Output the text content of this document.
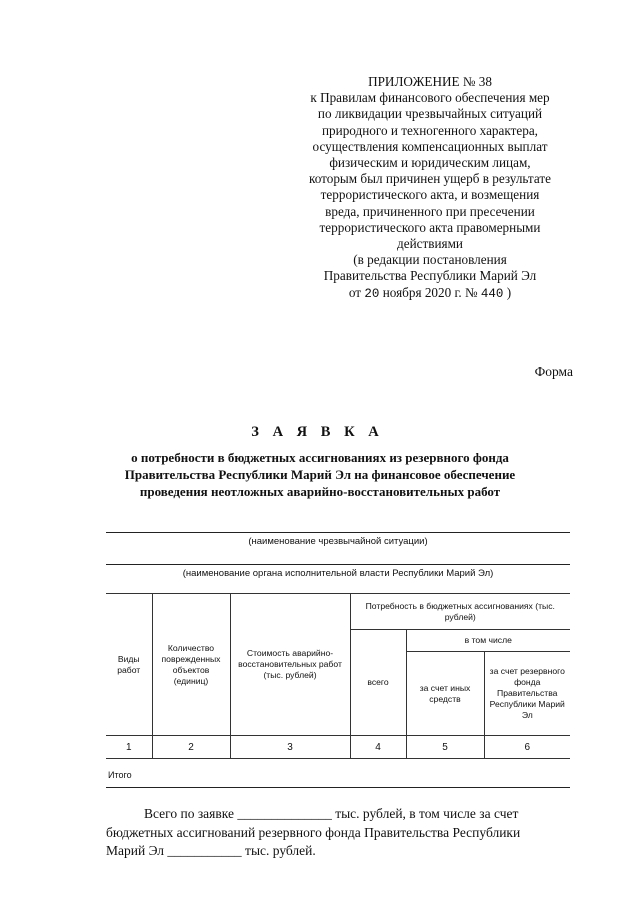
ПРИЛОЖЕНИЕ № 38
к Правилам финансового обеспечения мер
по ликвидации чрезвычайных ситуаций
природного и техногенного характера,
осуществления компенсационных выплат
физическим и юридическим лицам,
которым был причинен ущерб в результате
террористического акта, и возмещения
вреда, причиненного при пресечении
террористического акта правомерными
действиями
(в редакции постановления
Правительства Республики Марий Эл
от 20 ноября 2020 г. № 440 )
Форма
З А Я В К А
о потребности в бюджетных ассигнованиях из резервного фонда
Правительства Республики Марий Эл на финансовое обеспечение
проведения неотложных аварийно-восстановительных работ
(наименование чрезвычайной ситуации)
(наименование органа исполнительной власти Республики Марий Эл)
Виды работ	Количество поврежденных объектов (единиц)	Стоимость аварийно-восстановительных работ (тыс. рублей)	Потребность в бюджетных ассигнованиях (тыс. рублей)		
			всего	в том числе	
				за счет иных средств	за счет резервного фонда Правительства Республики Марий Эл
1	2	3	4	5	6
Итого
Всего по заявке ______________ тыс. рублей, в том числе за счет
бюджетных ассигнований резервного фонда Правительства Республики
Марий Эл ___________ тыс. рублей.
